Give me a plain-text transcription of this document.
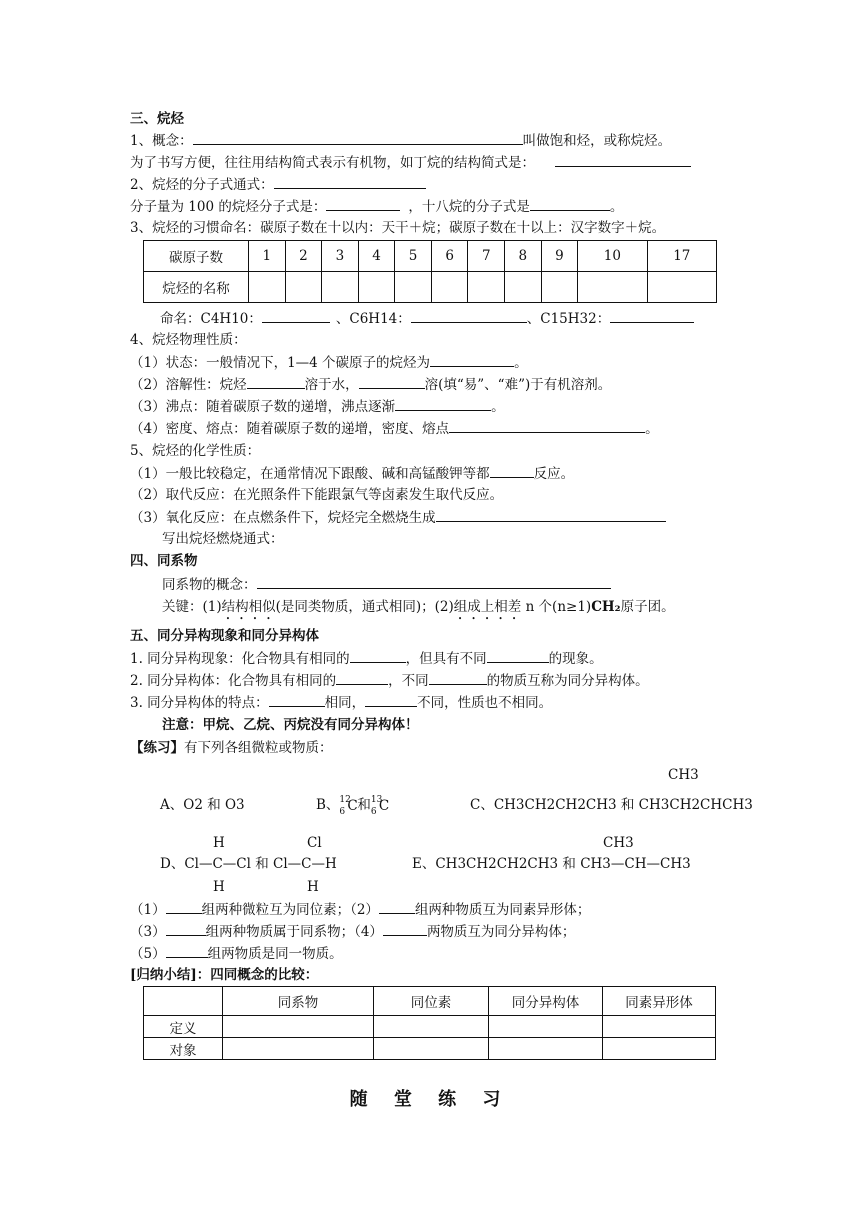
三、烷烃
1、概念：	叫做饱和烃，或称烷烃。
为了书写方便，往往用结构简式表示有机物，如丁烷的结构简式是：
2、烷烃的分子式通式：
分子量为 100 的烷烃分子式是：	，十八烷的分子式是	。
3、烷烃的习惯命名：碳原子数在十以内：天干＋烷；碳原子数在十以上：汉字数字＋烷。
碳原子数	1	2	3	4	5	6	7	8	9	10	17
烷烃的名称											
命名：C4H10：	、C6H14：	、C15H32：
4、烷烃物理性质：
（1）状态：一般情况下，1—4 个碳原子的烷烃为	。
（2）溶解性：烷烃	溶于水，	溶(填“易”、“难”)于有机溶剂。
（3）沸点：随着碳原子数的递增，沸点逐渐	。
（4）密度、熔点：随着碳原子数的递增，密度、熔点	。
5、烷烃的化学性质：
（1）一般比较稳定，在通常情况下跟酸、碱和高锰酸钾等都	反应。
（2）取代反应：在光照条件下能跟氯气等卤素发生取代反应。
（3）氧化反应：在点燃条件下，烷烃完全燃烧生成
写出烷烃燃烧通式：
四、同系物
同系物的概念：
关键：(1)结构相似(是同类物质，通式相同)；(2)组成上相差 n 个(n≥1)CH₂原子团。
五、同分异构现象和同分异构体
1. 同分异构现象：化合物具有相同的	，但具有不同	的现象。
2. 同分异构体：化合物具有相同的	，不同	的物质互称为同分异构体。
3. 同分异构体的特点：	相同，	不同，性质也不相同。
注意：甲烷、乙烷、丙烷没有同分异构体！
【练习】有下列各组微粒或物质：
CH3
A、O2 和 O3	B、 12
6 C 和 13
6 C	C、CH3CH2CH2CH3 和 CH3CH2CHCH3
H	Cl	CH3
D、Cl—C—Cl 和 Cl—C—H	E、CH3CH2CH2CH3 和 CH3—CH—CH3
H	H
（1）	组两种微粒互为同位素；（2）	组两种物质互为同素异形体；
（3）	组两种物质属于同系物；（4）	两物质互为同分异构体；
（5）	组两物质是同一物质。
[归纳小结]：四同概念的比较：
	同系物	同位素	同分异构体	同素异形体
定义				
对象				
随 堂 练 习
